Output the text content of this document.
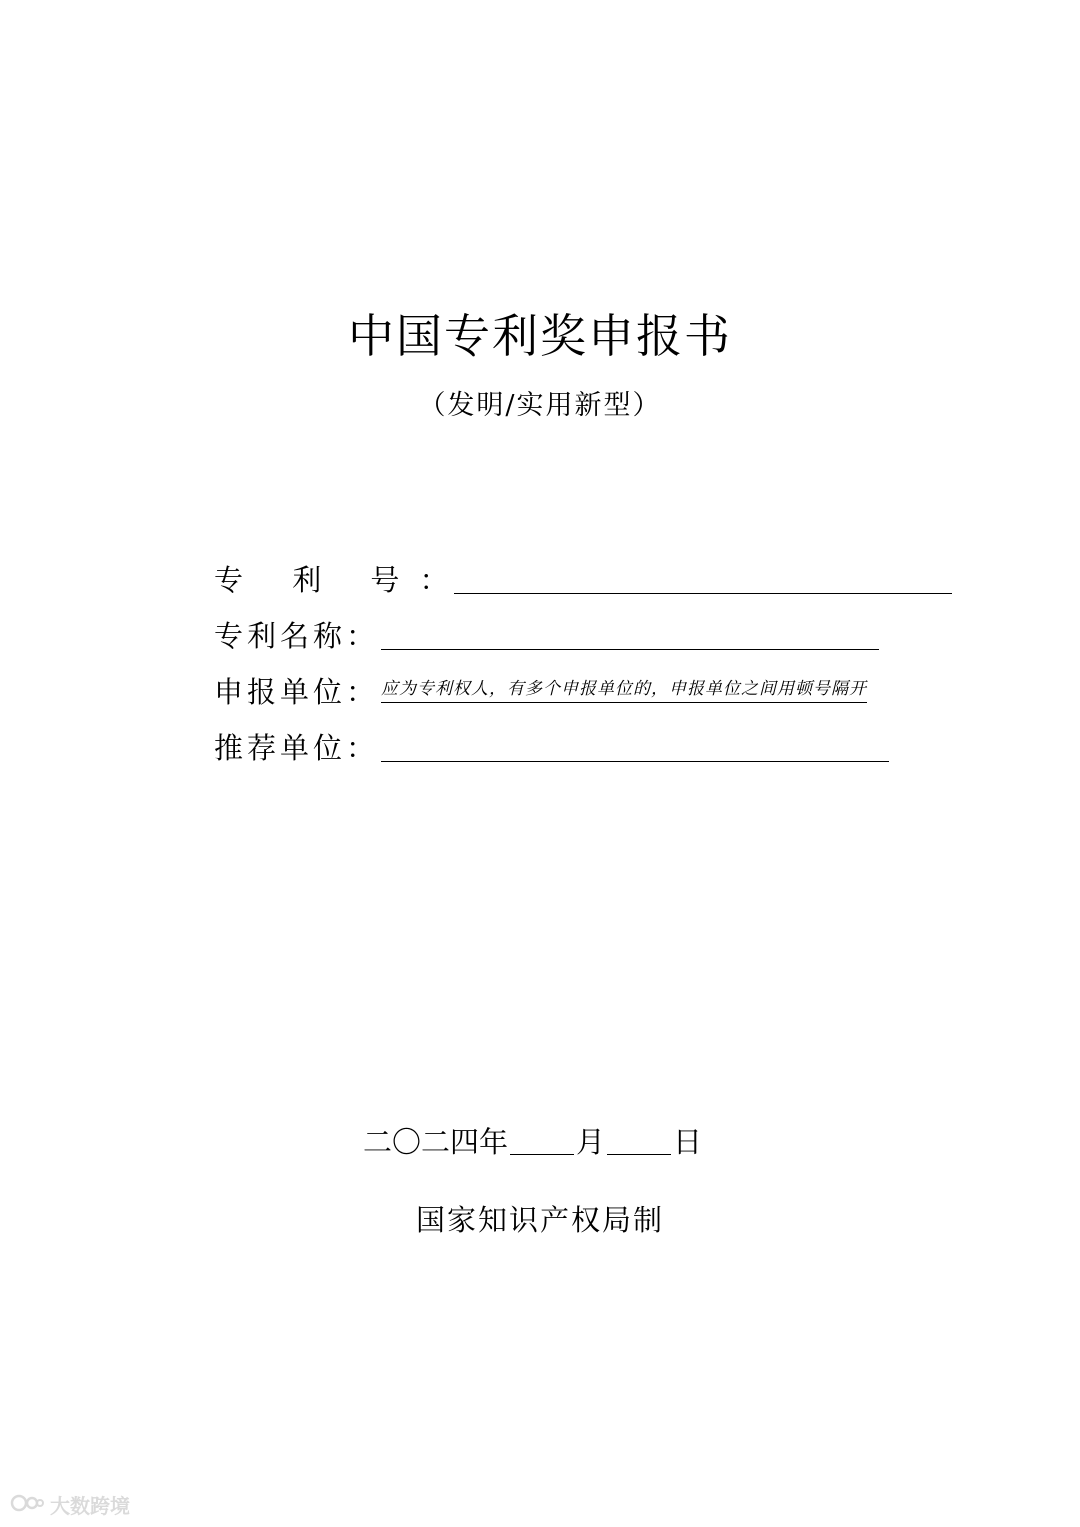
中国专利奖申报书
（发明/实用新型）
专 利 号 ：
专利名称 ：
申报单位 ： 应为专利权人，有多个申报单位的，申报单位之间用顿号隔开
推荐单位 ：
二〇二四年 月 日
国家知识产权局制
大数跨境
